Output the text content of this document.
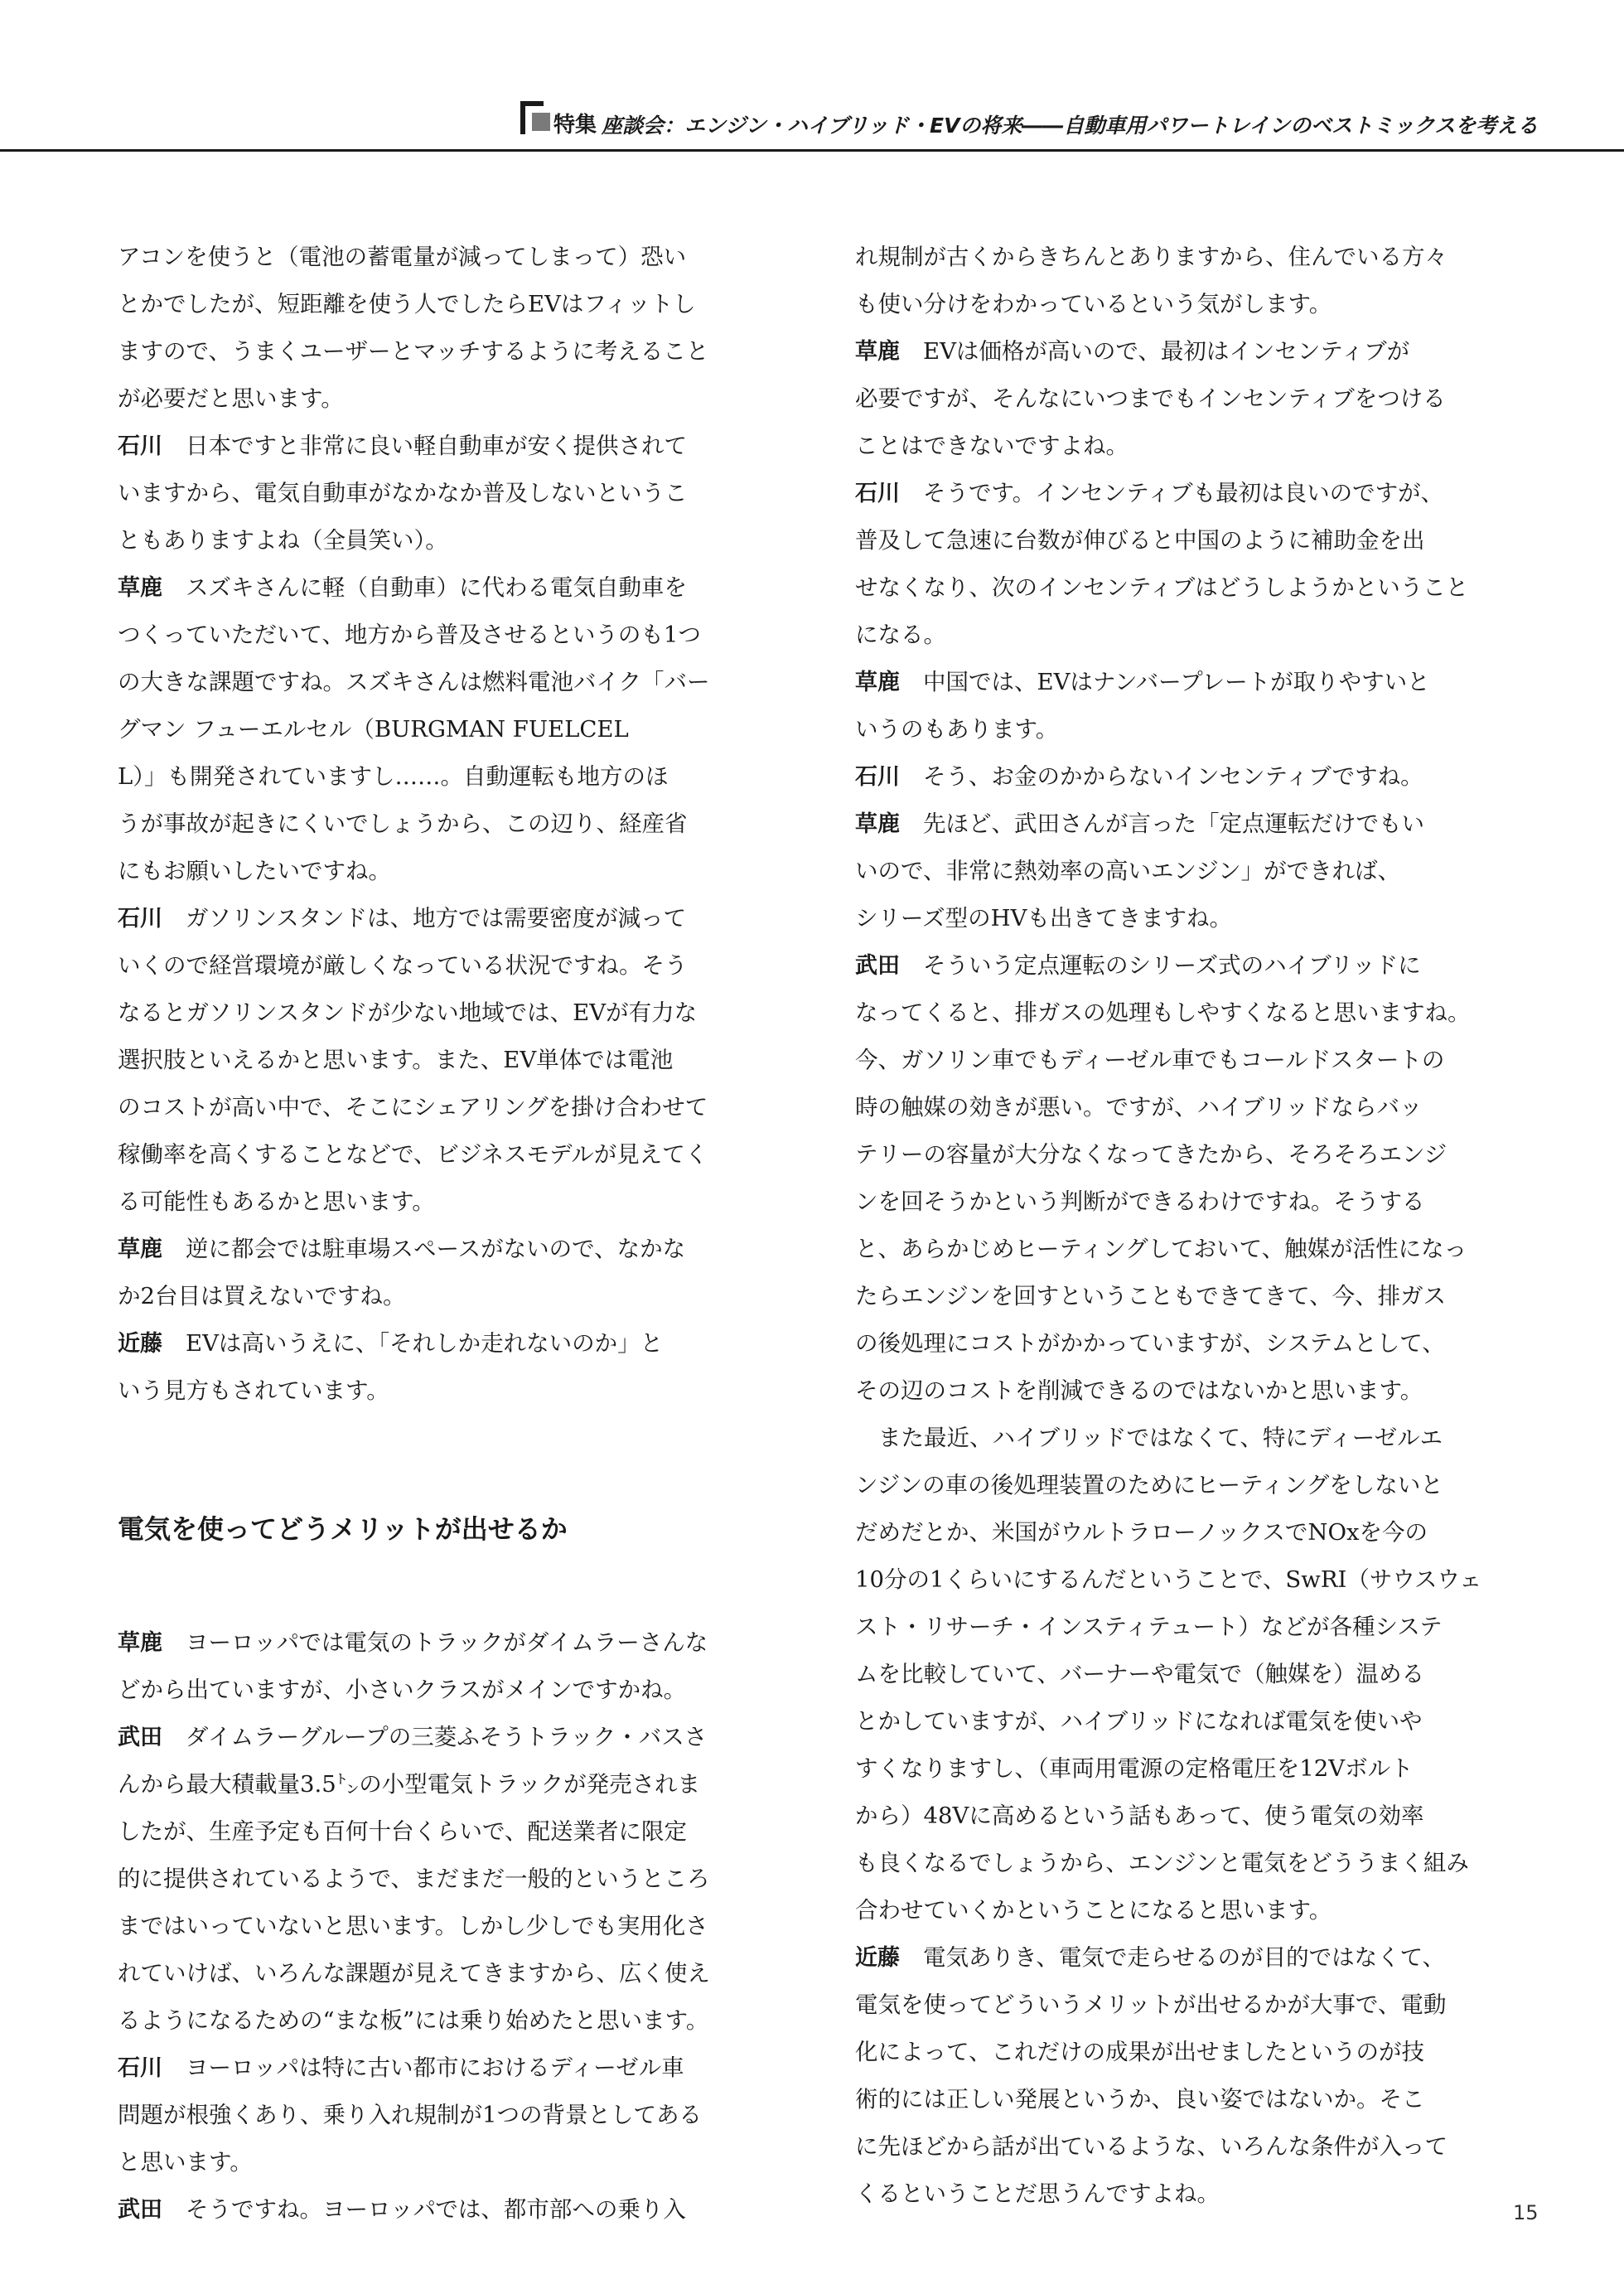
特集 座談会：エンジン・ハイブリッド・EVの将来――自動車用パワートレインのベストミックスを考える
アコンを使うと（電池の蓄電量が減ってしまって）恐い
とかでしたが、短距離を使う人でしたらEVはフィットし
ますので、うまくユーザーとマッチするように考えること
が必要だと思います。
石川 日本ですと非常に良い軽自動車が安く提供されて
いますから、電気自動車がなかなか普及しないというこ
ともありますよね（全員笑い）。
草鹿 スズキさんに軽（自動車）に代わる電気自動車を
つくっていただいて、地方から普及させるというのも1つ
の大きな課題ですね。スズキさんは燃料電池バイク「バー
グマン フューエルセル（BURGMAN FUELCEL
L）」も開発されていますし……。自動運転も地方のほ
うが事故が起きにくいでしょうから、この辺り、経産省
にもお願いしたいですね。
石川 ガソリンスタンドは、地方では需要密度が減って
いくので経営環境が厳しくなっている状況ですね。そう
なるとガソリンスタンドが少ない地域では、EVが有力な
選択肢といえるかと思います。また、EV単体では電池
のコストが高い中で、そこにシェアリングを掛け合わせて
稼働率を高くすることなどで、ビジネスモデルが見えてく
る可能性もあるかと思います。
草鹿 逆に都会では駐車場スペースがないので、なかな
か2台目は買えないですね。
近藤 EVは高いうえに、「それしか走れないのか」と
いう見方もされています。
電気を使ってどうメリットが出せるか
草鹿 ヨーロッパでは電気のトラックがダイムラーさんな
どから出ていますが、小さいクラスがメインですかね。
武田 ダイムラーグループの三菱ふそうトラック・バスさ
んから最大積載量3.5㌧の小型電気トラックが発売されま
したが、生産予定も百何十台くらいで、配送業者に限定
的に提供されているようで、まだまだ一般的というところ
まではいっていないと思います。しかし少しでも実用化さ
れていけば、いろんな課題が見えてきますから、広く使え
るようになるための“まな板”には乗り始めたと思います。
石川 ヨーロッパは特に古い都市におけるディーゼル車
問題が根強くあり、乗り入れ規制が1つの背景としてある
と思います。
武田 そうですね。ヨーロッパでは、都市部への乗り入
れ規制が古くからきちんとありますから、住んでいる方々
も使い分けをわかっているという気がします。
草鹿 EVは価格が高いので、最初はインセンティブが
必要ですが、そんなにいつまでもインセンティブをつける
ことはできないですよね。
石川 そうです。インセンティブも最初は良いのですが、
普及して急速に台数が伸びると中国のように補助金を出
せなくなり、次のインセンティブはどうしようかということ
になる。
草鹿 中国では、EVはナンバープレートが取りやすいと
いうのもあります。
石川 そう、お金のかからないインセンティブですね。
草鹿 先ほど、武田さんが言った「定点運転だけでもい
いので、非常に熱効率の高いエンジン」ができれば、
シリーズ型のHVも出きてきますね。
武田 そういう定点運転のシリーズ式のハイブリッドに
なってくると、排ガスの処理もしやすくなると思いますね。
今、ガソリン車でもディーゼル車でもコールドスタートの
時の触媒の効きが悪い。ですが、ハイブリッドならバッ
テリーの容量が大分なくなってきたから、そろそろエンジ
ンを回そうかという判断ができるわけですね。そうする
と、あらかじめヒーティングしておいて、触媒が活性になっ
たらエンジンを回すということもできてきて、今、排ガス
の後処理にコストがかかっていますが、システムとして、
その辺のコストを削減できるのではないかと思います。
また最近、ハイブリッドではなくて、特にディーゼルエ
ンジンの車の後処理装置のためにヒーティングをしないと
だめだとか、米国がウルトラローノックスでNOxを今の
10分の1くらいにするんだということで、SwRI（サウスウェ
スト・リサーチ・インスティテュート）などが各種システ
ムを比較していて、バーナーや電気で（触媒を）温める
とかしていますが、ハイブリッドになれば電気を使いや
すくなりますし、（車両用電源の定格電圧を12Vボルト
から）48Vに高めるという話もあって、使う電気の効率
も良くなるでしょうから、エンジンと電気をどううまく組み
合わせていくかということになると思います。
近藤 電気ありき、電気で走らせるのが目的ではなくて、
電気を使ってどういうメリットが出せるかが大事で、電動
化によって、これだけの成果が出せましたというのが技
術的には正しい発展というか、良い姿ではないか。そこ
に先ほどから話が出ているような、いろんな条件が入って
くるということだ思うんですよね。
15
